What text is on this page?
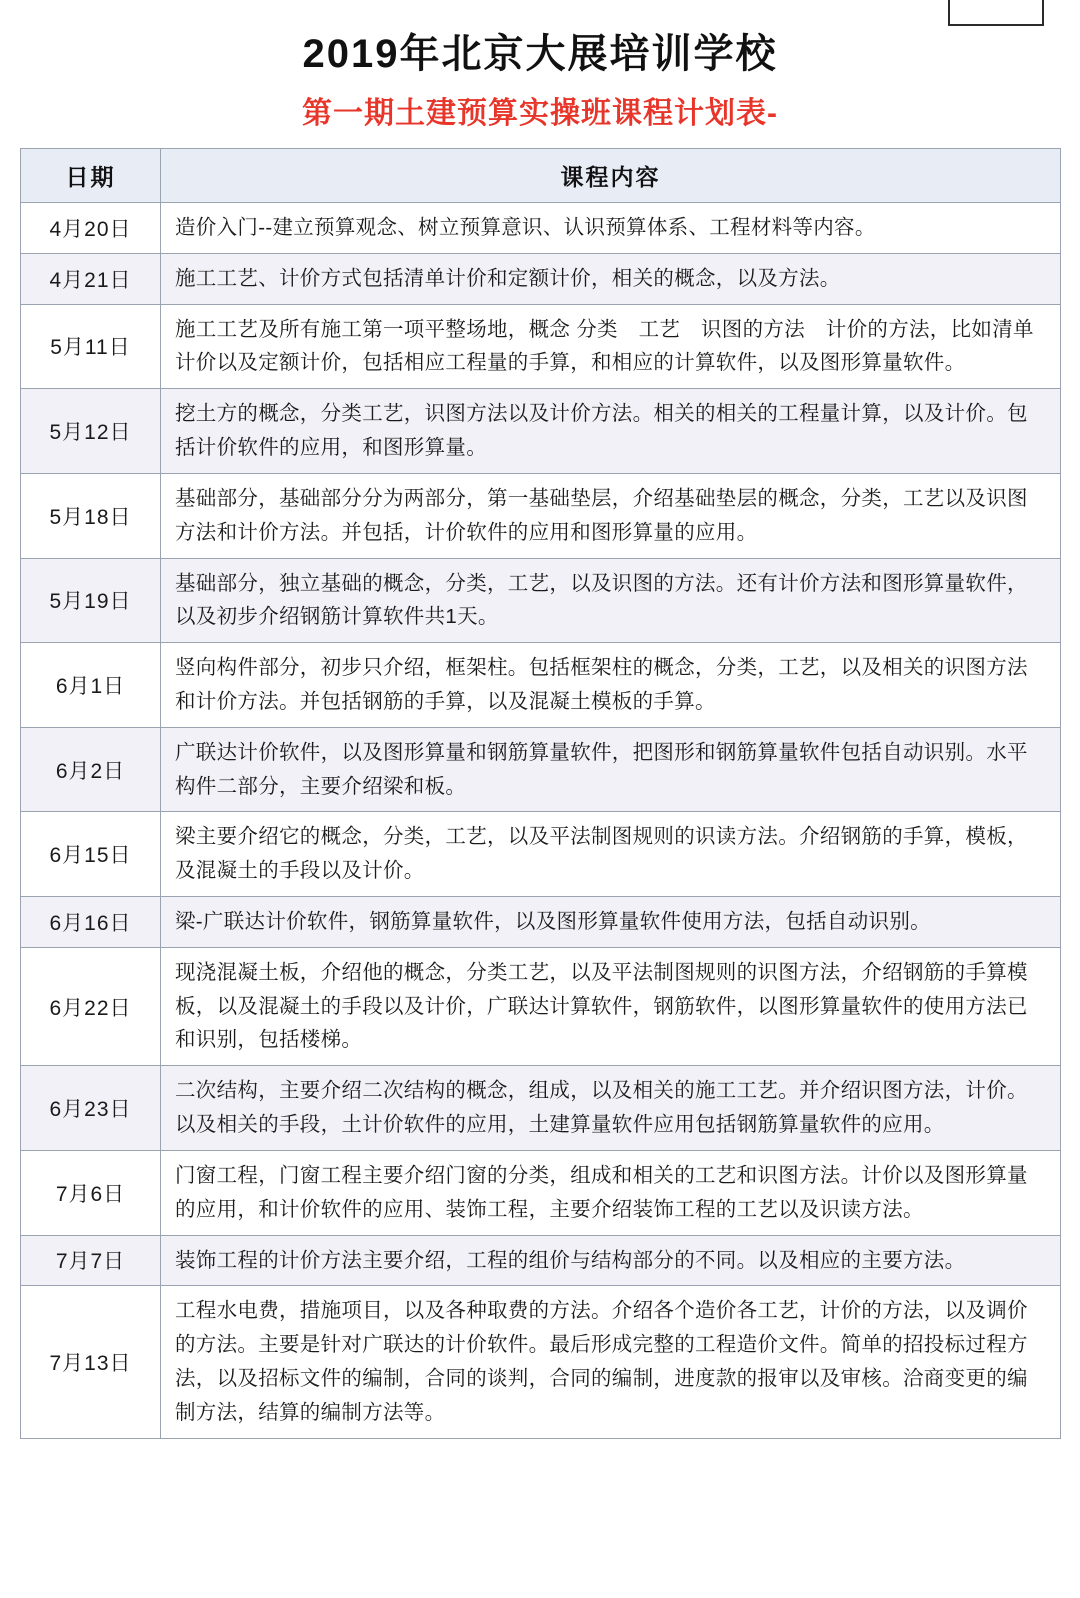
2019年北京大展培训学校
第一期土建预算实操班课程计划表-
日期	课程内容
4月20日	造价入门--建立预算观念、树立预算意识、认识预算体系、工程材料等内容。
4月21日	施工工艺、计价方式包括清单计价和定额计价，相关的概念，以及方法。
5月11日	施工工艺及所有施工第一项平整场地，概念 分类　工艺　识图的方法　计价的方法，比如清单计价以及定额计价，包括相应工程量的手算，和相应的计算软件，以及图形算量软件。
5月12日	挖土方的概念，分类工艺，识图方法以及计价方法。相关的相关的工程量计算，以及计价。包括计价软件的应用，和图形算量。
5月18日	基础部分，基础部分分为两部分，第一基础垫层，介绍基础垫层的概念，分类，工艺以及识图方法和计价方法。并包括，计价软件的应用和图形算量的应用。
5月19日	基础部分，独立基础的概念，分类，工艺，以及识图的方法。还有计价方法和图形算量软件，以及初步介绍钢筋计算软件共1天。
6月1日	竖向构件部分，初步只介绍，框架柱。包括框架柱的概念，分类，工艺，以及相关的识图方法和计价方法。并包括钢筋的手算，以及混凝土模板的手算。
6月2日	广联达计价软件，以及图形算量和钢筋算量软件，把图形和钢筋算量软件包括自动识别。水平构件二部分，主要介绍梁和板。
6月15日	梁主要介绍它的概念，分类，工艺，以及平法制图规则的识读方法。介绍钢筋的手算，模板，及混凝土的手段以及计价。
6月16日	梁-广联达计价软件，钢筋算量软件，以及图形算量软件使用方法，包括自动识别。
6月22日	现浇混凝土板，介绍他的概念，分类工艺，以及平法制图规则的识图方法，介绍钢筋的手算模板，以及混凝土的手段以及计价，广联达计算软件，钢筋软件，以图形算量软件的使用方法已和识别，包括楼梯。
6月23日	二次结构，主要介绍二次结构的概念，组成，以及相关的施工工艺。并介绍识图方法，计价。以及相关的手段，土计价软件的应用，土建算量软件应用包括钢筋算量软件的应用。
7月6日	门窗工程，门窗工程主要介绍门窗的分类，组成和相关的工艺和识图方法。计价以及图形算量的应用，和计价软件的应用、装饰工程，主要介绍装饰工程的工艺以及识读方法。
7月7日	装饰工程的计价方法主要介绍，工程的组价与结构部分的不同。以及相应的主要方法。
7月13日	工程水电费，措施项目，以及各种取费的方法。介绍各个造价各工艺，计价的方法，以及调价的方法。主要是针对广联达的计价软件。最后形成完整的工程造价文件。简单的招投标过程方法，以及招标文件的编制，合同的谈判，合同的编制，进度款的报审以及审核。洽商变更的编制方法，结算的编制方法等。
